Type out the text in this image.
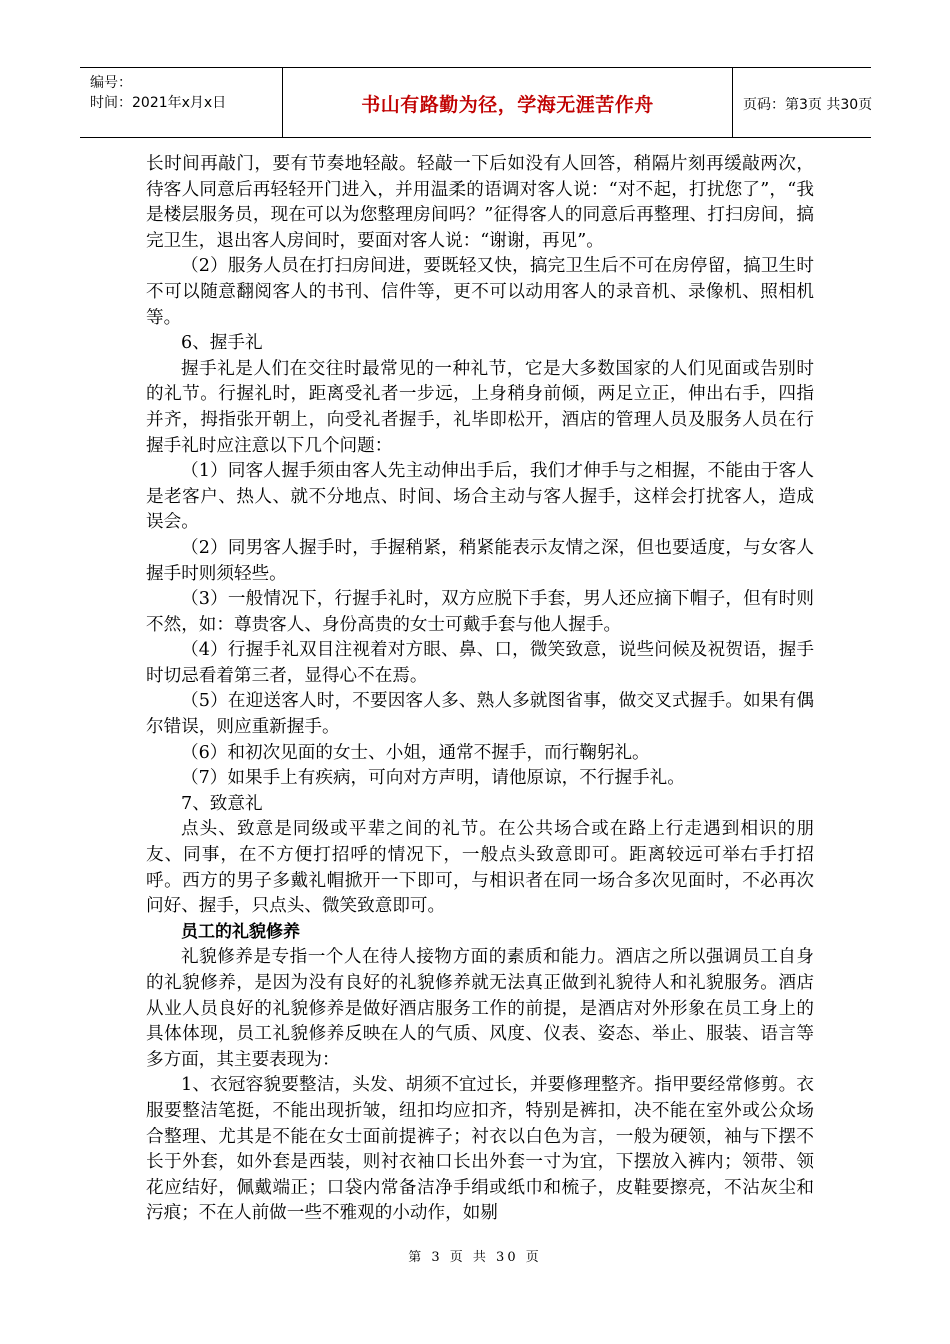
编号：
时间：2021年x月x日	书山有路勤为径，学海无涯苦作舟	页码：第3页 共30页

长时间再敲门，要有节奏地轻敲。轻敲一下后如没有人回答，稍隔片刻再缓敲两次，待客人同意后再轻轻开门进入，并用温柔的语调对客人说：“对不起，打扰您了”，“我是楼层服务员，现在可以为您整理房间吗？”征得客人的同意后再整理、打扫房间，搞完卫生，退出客人房间时，要面对客人说：“谢谢，再见”。

（2）服务人员在打扫房间进，要既轻又快，搞完卫生后不可在房停留，搞卫生时不可以随意翻阅客人的书刊、信件等，更不可以动用客人的录音机、录像机、照相机等。

6、握手礼

握手礼是人们在交往时最常见的一种礼节，它是大多数国家的人们见面或告别时的礼节。行握礼时，距离受礼者一步远，上身稍身前倾，两足立正，伸出右手，四指并齐，拇指张开朝上，向受礼者握手，礼毕即松开，酒店的管理人员及服务人员在行握手礼时应注意以下几个问题：

（1）同客人握手须由客人先主动伸出手后，我们才伸手与之相握，不能由于客人是老客户、热人、就不分地点、时间、场合主动与客人握手，这样会打扰客人，造成误会。

（2）同男客人握手时，手握稍紧，稍紧能表示友情之深，但也要适度，与女客人握手时则须轻些。

（3）一般情况下，行握手礼时，双方应脱下手套，男人还应摘下帽子，但有时则不然，如：尊贵客人、身份高贵的女士可戴手套与他人握手。

（4）行握手礼双目注视着对方眼、鼻、口，微笑致意，说些问候及祝贺语，握手时切忌看着第三者，显得心不在焉。

（5）在迎送客人时，不要因客人多、熟人多就图省事，做交叉式握手。如果有偶尔错误，则应重新握手。

（6）和初次见面的女士、小姐，通常不握手，而行鞠躬礼。

（7）如果手上有疾病，可向对方声明，请他原谅，不行握手礼。

7、致意礼

点头、致意是同级或平辈之间的礼节。在公共场合或在路上行走遇到相识的朋友、同事，在不方便打招呼的情况下，一般点头致意即可。距离较远可举右手打招呼。西方的男子多戴礼帽掀开一下即可，与相识者在同一场合多次见面时，不必再次问好、握手，只点头、微笑致意即可。

员工的礼貌修养

礼貌修养是专指一个人在待人接物方面的素质和能力。酒店之所以强调员工自身的礼貌修养，是因为没有良好的礼貌修养就无法真正做到礼貌待人和礼貌服务。酒店从业人员良好的礼貌修养是做好酒店服务工作的前提，是酒店对外形象在员工身上的具体体现，员工礼貌修养反映在人的气质、风度、仪表、姿态、举止、服装、语言等多方面，其主要表现为：

1、衣冠容貌要整洁，头发、胡须不宜过长，并要修理整齐。指甲要经常修剪。衣服要整洁笔挺，不能出现折皱，纽扣均应扣齐，特别是裤扣，决不能在室外或公众场合整理、尤其是不能在女士面前提裤子；衬衣以白色为言，一般为硬领，袖与下摆不长于外套，如外套是西装，则衬衣袖口长出外套一寸为宜，下摆放入裤内；领带、领花应结好，佩戴端正；口袋内常备洁净手绢或纸巾和梳子，皮鞋要擦亮，不沾灰尘和污痕；不在人前做一些不雅观的小动作，如剔

第 3 页 共 30 页
